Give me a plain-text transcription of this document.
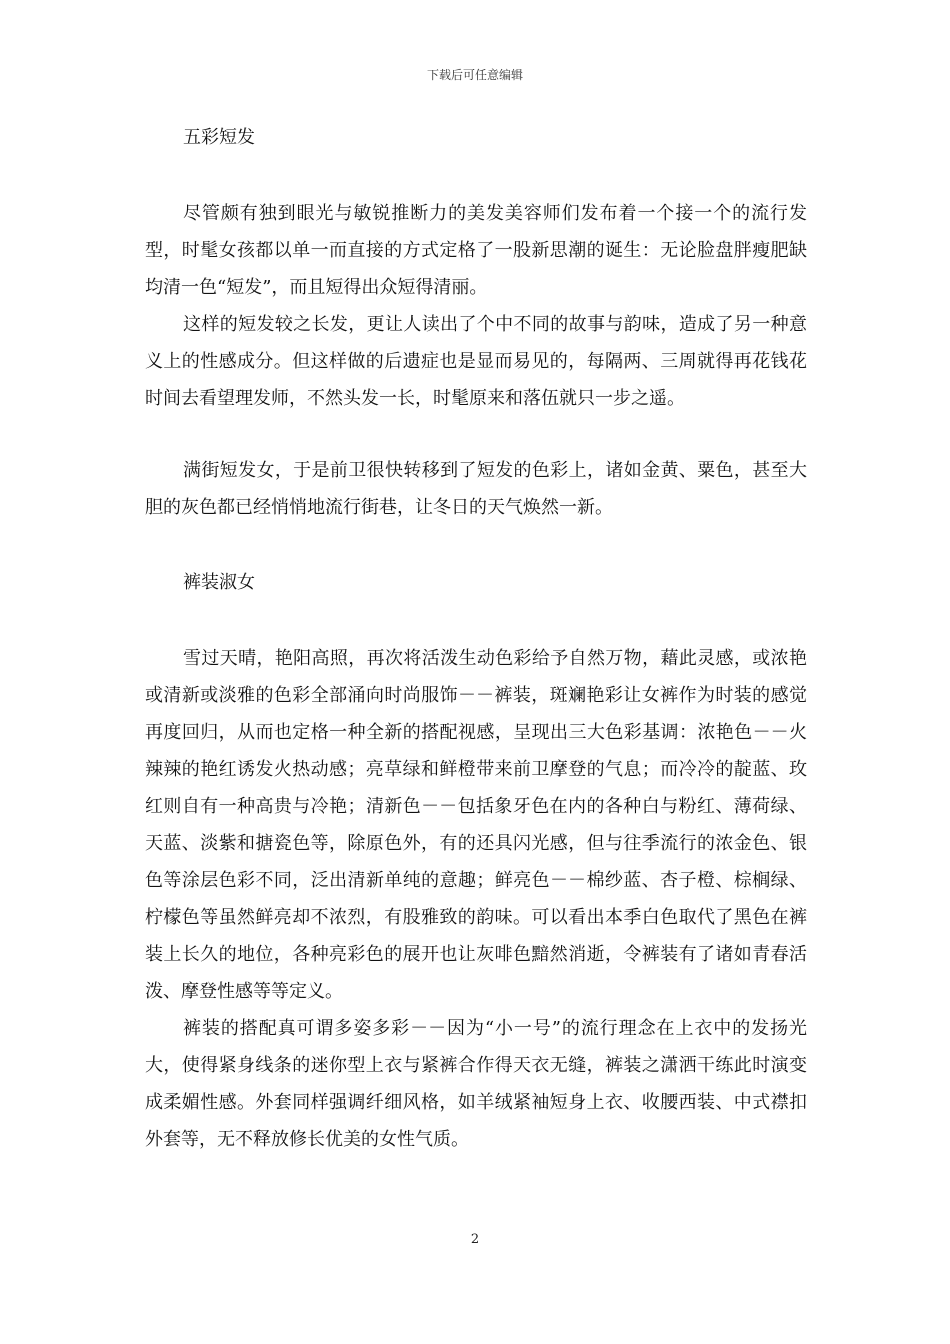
下载后可任意编辑
五彩短发

尽管颇有独到眼光与敏锐推断力的美发美容师们发布着一个接一个的流行发型，时髦女孩都以单一而直接的方式定格了一股新思潮的诞生：无论脸盘胖瘦肥缺均清一色“短发”，而且短得出众短得清丽。

这样的短发较之长发，更让人读出了个中不同的故事与韵味，造成了另一种意义上的性感成分。但这样做的后遗症也是显而易见的，每隔两、三周就得再花钱花时间去看望理发师，不然头发一长，时髦原来和落伍就只一步之遥。

满街短发女，于是前卫很快转移到了短发的色彩上，诸如金黄、粟色，甚至大胆的灰色都已经悄悄地流行街巷，让冬日的天气焕然一新。

裤装淑女

雪过天晴，艳阳高照，再次将活泼生动色彩给予自然万物，藉此灵感，或浓艳或清新或淡雅的色彩全部涌向时尚服饰－－裤装，斑斓艳彩让女裤作为时装的感觉再度回归，从而也定格一种全新的搭配视感，呈现出三大色彩基调：浓艳色－－火辣辣的艳红诱发火热动感；亮草绿和鲜橙带来前卫摩登的气息；而冷冷的靛蓝、玫红则自有一种高贵与冷艳；清新色－－包括象牙色在内的各种白与粉红、薄荷绿、天蓝、淡紫和搪瓷色等，除原色外，有的还具闪光感，但与往季流行的浓金色、银色等涂层色彩不同，泛出清新单纯的意趣；鲜亮色－－棉纱蓝、杏子橙、棕榈绿、柠檬色等虽然鲜亮却不浓烈，有股雅致的韵味。可以看出本季白色取代了黑色在裤装上长久的地位，各种亮彩色的展开也让灰啡色黯然消逝，令裤装有了诸如青春活泼、摩登性感等等定义。

裤装的搭配真可谓多姿多彩－－因为“小一号”的流行理念在上衣中的发扬光大，使得紧身线条的迷你型上衣与紧裤合作得天衣无缝，裤装之潇洒干练此时演变成柔媚性感。外套同样强调纤细风格，如羊绒紧袖短身上衣、收腰西装、中式襟扣外套等，无不释放修长优美的女性气质。

2
